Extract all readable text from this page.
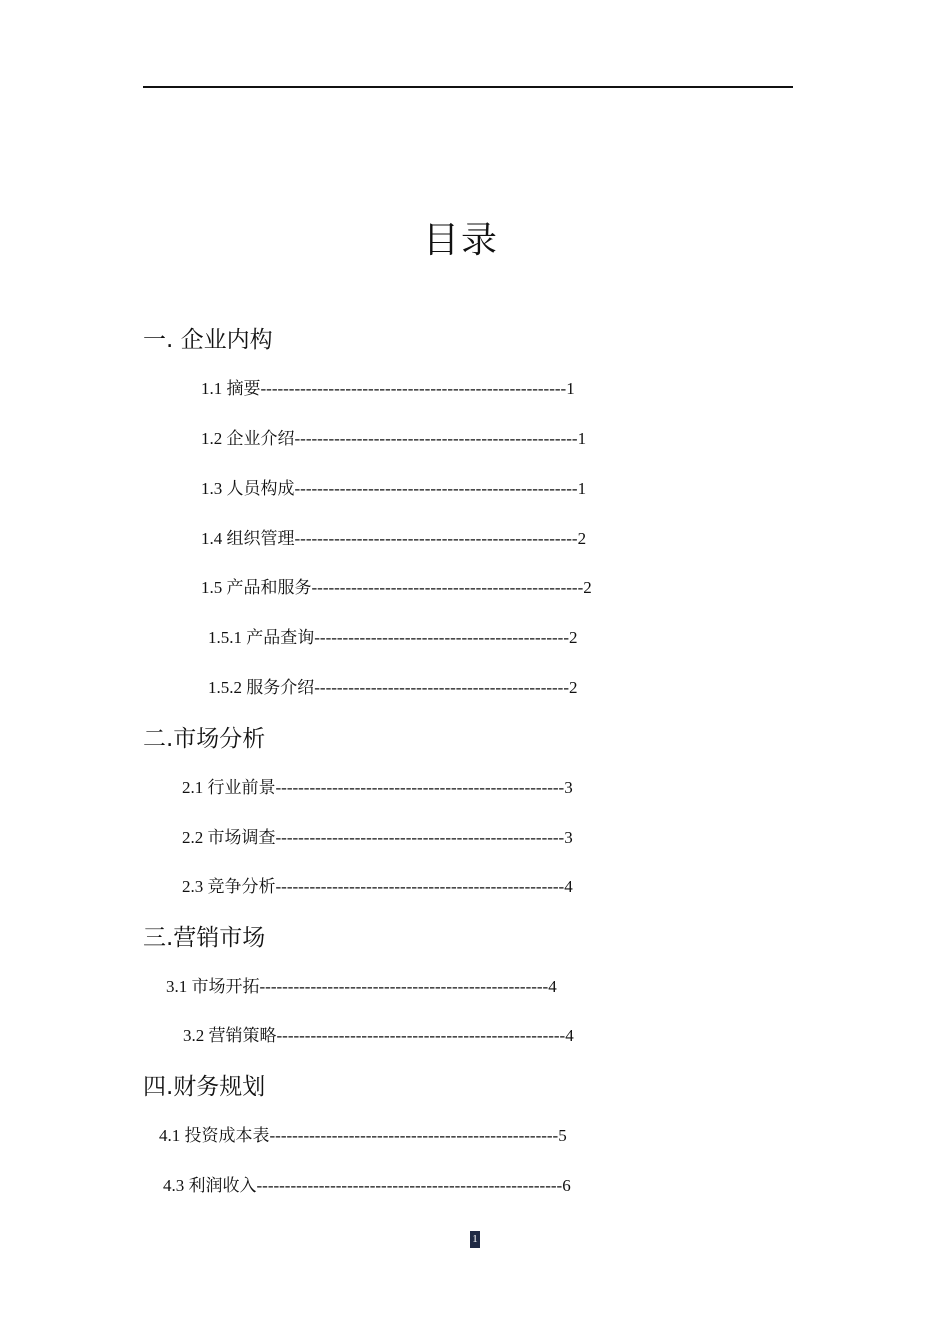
目录
一. 企业内构
1.1 摘要------------------------------------------------------1
1.2 企业介绍--------------------------------------------------1
1.3 人员构成--------------------------------------------------1
1.4 组织管理--------------------------------------------------2
1.5 产品和服务------------------------------------------------2
1.5.1 产品查询---------------------------------------------2
1.5.2 服务介绍---------------------------------------------2
二.市场分析
2.1 行业前景---------------------------------------------------3
2.2 市场调查---------------------------------------------------3
2.3 竞争分析---------------------------------------------------4
三.营销市场
3.1 市场开拓---------------------------------------------------4
3.2 营销策略---------------------------------------------------4
四.财务规划
4.1 投资成本表---------------------------------------------------5
4.3 利润收入------------------------------------------------------6
1
